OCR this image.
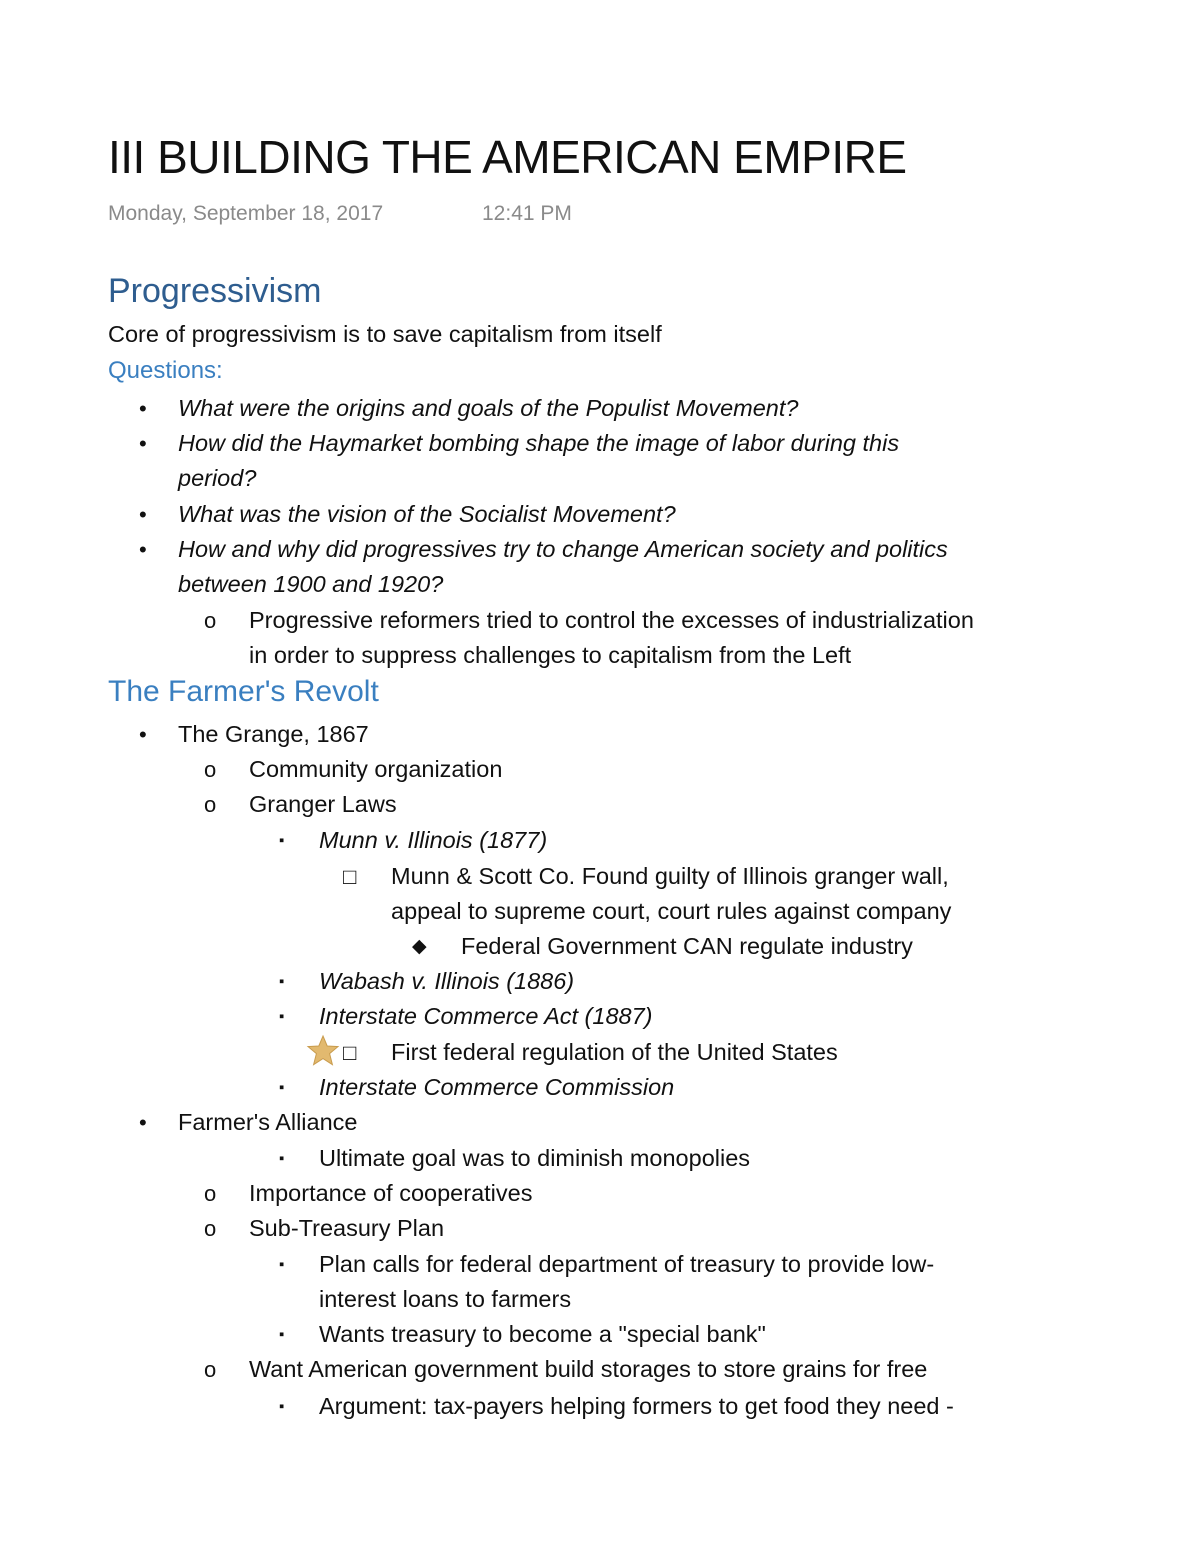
III BUILDING THE AMERICAN EMPIRE
Monday, September 18, 2017	12:41 PM
Progressivism
Core of progressivism is to save capitalism from itself
Questions:
• What were the origins and goals of the Populist Movement?
• How did the Haymarket bombing shape the image of labor during this
period?
• What was the vision of the Socialist Movement?
• How and why did progressives try to change American society and politics
between 1900 and 1920?
o Progressive reformers tried to control the excesses of industrialization
in order to suppress challenges to capitalism from the Left
The Farmer's Revolt
• The Grange, 1867
o Community organization
o Granger Laws
▪ Munn v. Illinois (1877)
□ Munn & Scott Co. Found guilty of Illinois granger wall,
appeal to supreme court, court rules against company
◆ Federal Government CAN regulate industry
▪ Wabash v. Illinois (1886)
▪ Interstate Commerce Act (1887)
□ First federal regulation of the United States
▪ Interstate Commerce Commission
• Farmer's Alliance
▪ Ultimate goal was to diminish monopolies
o Importance of cooperatives
o Sub-Treasury Plan
▪ Plan calls for federal department of treasury to provide low-
interest loans to farmers
▪ Wants treasury to become a "special bank"
o Want American government build storages to store grains for free
▪ Argument: tax-payers helping formers to get food they need -
